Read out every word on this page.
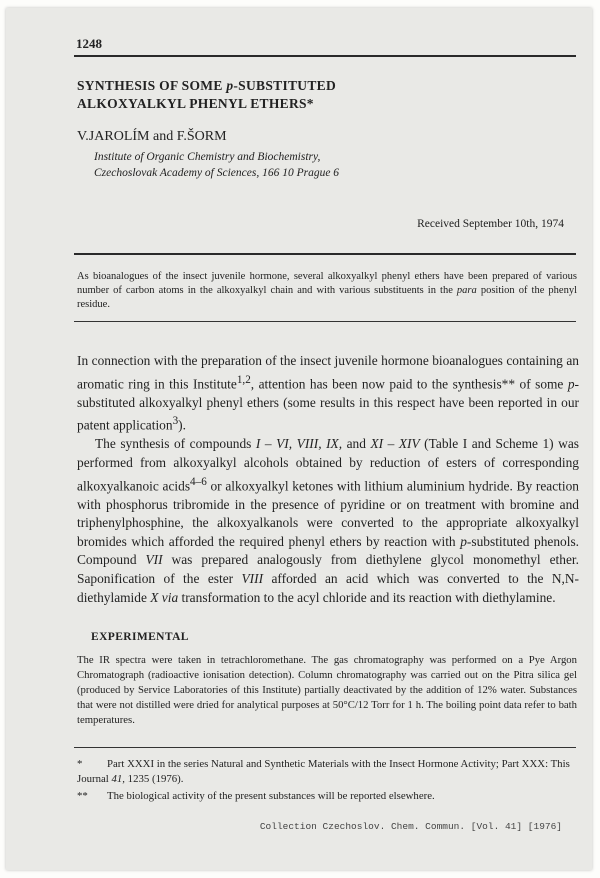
1248
SYNTHESIS OF SOME p-SUBSTITUTED
ALKOXYALKYL PHENYL ETHERS*
V.JAROLÍM and F.ŠORM
Institute of Organic Chemistry and Biochemistry,
Czechoslovak Academy of Sciences, 166 10 Prague 6
Received September 10th, 1974
As bioanalogues of the insect juvenile hormone, several alkoxyalkyl phenyl ethers have been prepared of various number of carbon atoms in the alkoxyalkyl chain and with various substituents in the para position of the phenyl residue.

In connection with the preparation of the insect juvenile hormone bioanalogues containing an aromatic ring in this Institute$^{1,2}$, attention has been now paid to the synthesis** of some p-substituted alkoxyalkyl phenyl ethers (some results in this respect have been reported in our patent application$^3$).

The synthesis of compounds I – VI, VIII, IX, and XI – XIV (Table I and Scheme 1) was performed from alkoxyalkyl alcohols obtained by reduction of esters of corresponding alkoxyalkanoic acids$^{4-6}$ or alkoxyalkyl ketones with lithium aluminium hydride. By reaction with phosphorus tribromide in the presence of pyridine or on treatment with bromine and triphenylphosphine, the alkoxyalkanols were converted to the appropriate alkoxyalkyl bromides which afforded the required phenyl ethers by reaction with p-substituted phenols. Compound VII was prepared analogously from diethylene glycol monomethyl ether. Saponification of the ester VIII afforded an acid which was converted to the N,N-diethylamide X via transformation to the acyl chloride and its reaction with diethylamine.

EXPERIMENTAL
The IR spectra were taken in tetrachloromethane. The gas chromatography was performed on a Pye Argon Chromatograph (radioactive ionisation detection). Column chromatography was carried out on the Pitra silica gel (produced by Service Laboratories of this Institute) partially deactivated by the addition of 12% water. Substances that were not distilled were dried for analytical purposes at 50°C/12 Torr for 1 h. The boiling point data refer to bath temperatures.
* Part XXXI in the series Natural and Synthetic Materials with the Insect Hormone Activity; Part XXX: This Journal 41, 1235 (1976).
** The biological activity of the present substances will be reported elsewhere.
Collection Czechoslov. Chem. Commun. [Vol. 41] [1976]
